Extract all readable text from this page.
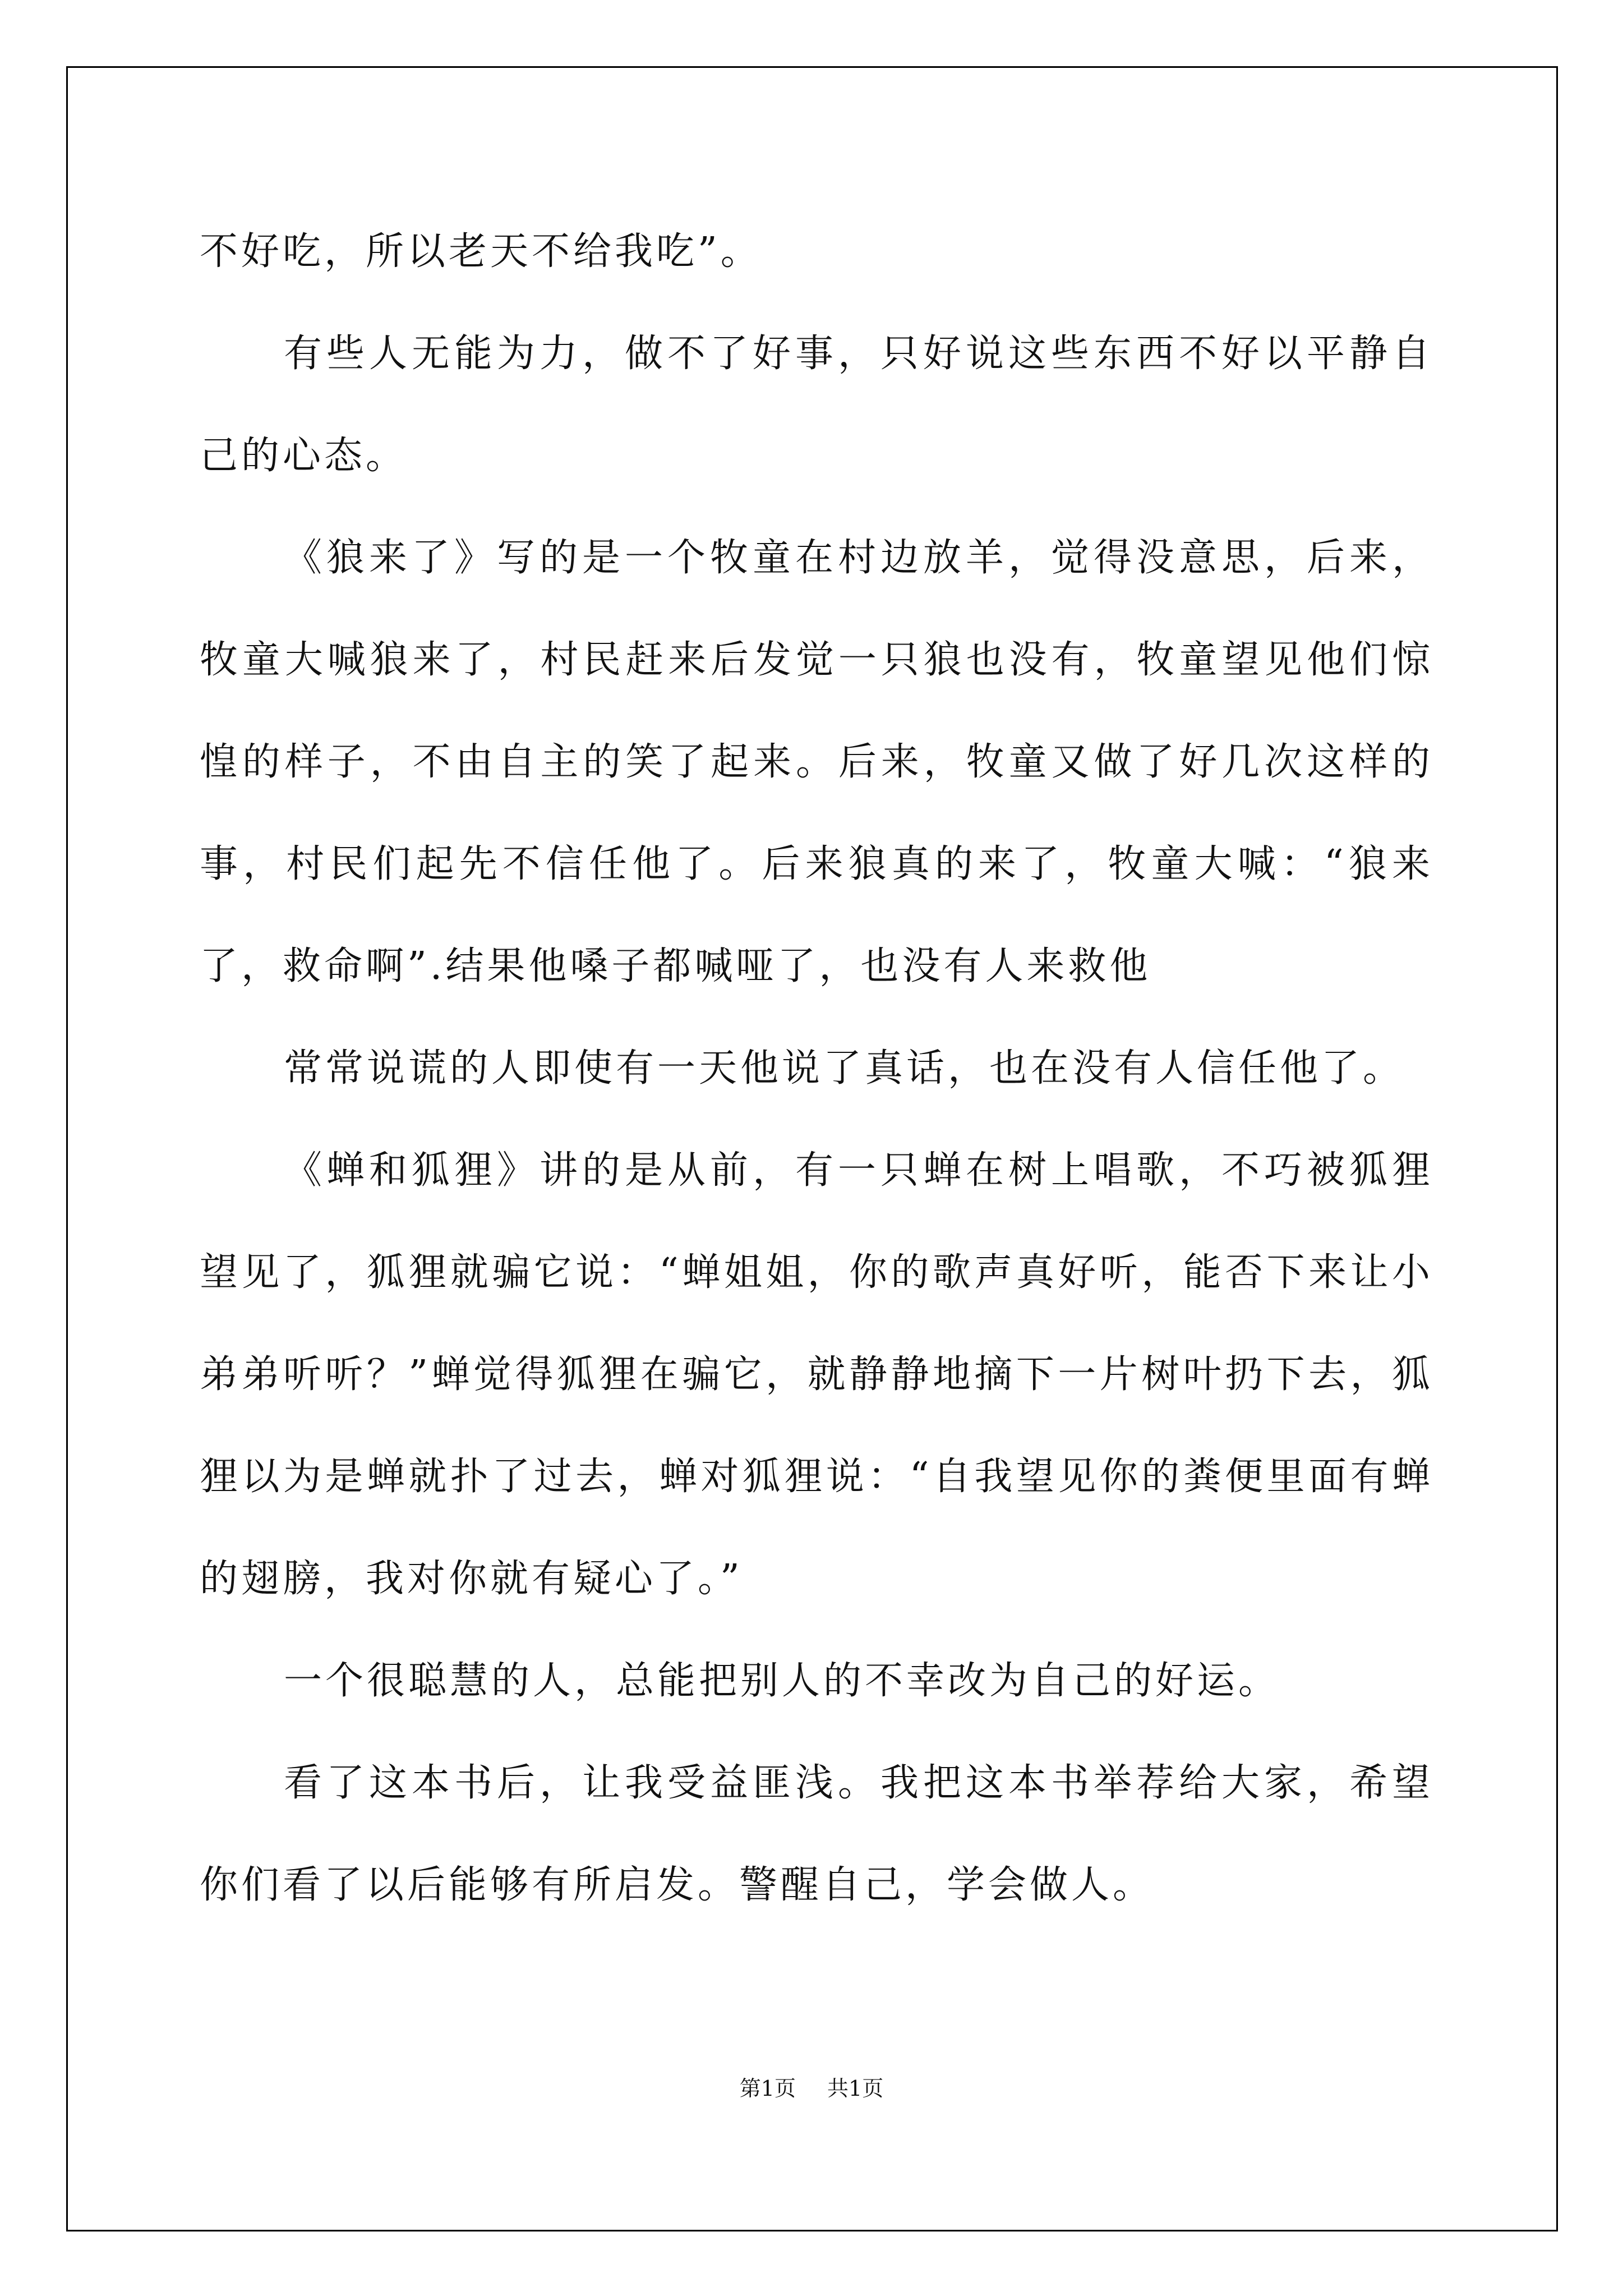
不好吃，所以老天不给我吃”。

有些人无能为力，做不了好事，只好说这些东西不好以平静自己的心态。

《狼来了》写的是一个牧童在村边放羊，觉得没意思，后来，牧童大喊狼来了，村民赶来后发觉一只狼也没有，牧童望见他们惊惶的样子，不由自主的笑了起来。后来，牧童又做了好几次这样的事，村民们起先不信任他了。后来狼真的来了，牧童大喊：“狼来了，救命啊”.结果他嗓子都喊哑了，也没有人来救他

常常说谎的人即使有一天他说了真话，也在没有人信任他了。

《蝉和狐狸》讲的是从前，有一只蝉在树上唱歌，不巧被狐狸望见了，狐狸就骗它说：“蝉姐姐，你的歌声真好听，能否下来让小弟弟听听？”蝉觉得狐狸在骗它，就静静地摘下一片树叶扔下去，狐狸以为是蝉就扑了过去，蝉对狐狸说：“自我望见你的粪便里面有蝉的翅膀，我对你就有疑心了。”

一个很聪慧的人，总能把别人的不幸改为自己的好运。

看了这本书后，让我受益匪浅。我把这本书举荐给大家，希望你们看了以后能够有所启发。警醒自己，学会做人。

第1页 共1页
